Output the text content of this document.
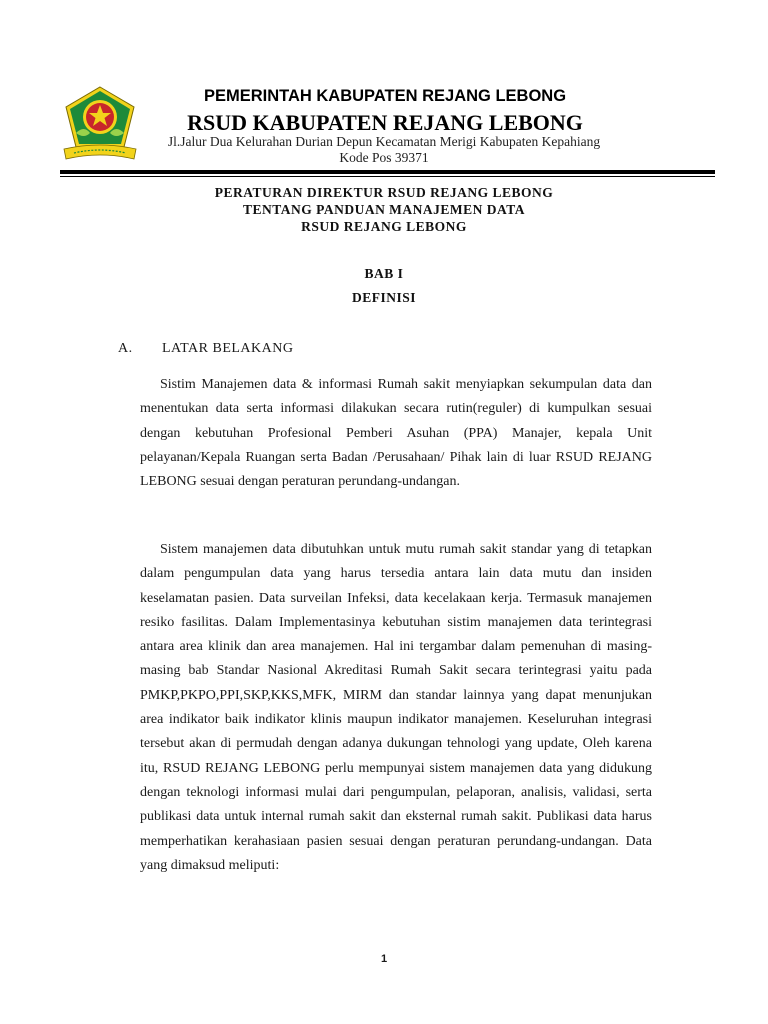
PEMERINTAH KABUPATEN REJANG LEBONG
RSUD KABUPATEN REJANG LEBONG
Jl.Jalur Dua Kelurahan Durian Depun Kecamatan Merigi Kabupaten Kepahiang
Kode Pos 39371
PERATURAN DIREKTUR RSUD REJANG LEBONG
TENTANG PANDUAN MANAJEMEN DATA
RSUD REJANG LEBONG
BAB I
DEFINISI
A. LATAR BELAKANG

Sistim Manajemen data & informasi Rumah sakit menyiapkan sekumpulan data dan menentukan data serta informasi dilakukan secara rutin(reguler) di kumpulkan sesuai dengan kebutuhan Profesional Pemberi Asuhan (PPA) Manajer, kepala Unit pelayanan/Kepala Ruangan serta Badan /Perusahaan/ Pihak lain di luar RSUD REJANG LEBONG sesuai dengan peraturan perundang-undangan.

Sistem manajemen data dibutuhkan untuk mutu rumah sakit standar yang di tetapkan dalam pengumpulan data yang harus tersedia antara lain data mutu dan insiden keselamatan pasien. Data surveilan Infeksi, data kecelakaan kerja. Termasuk manajemen resiko fasilitas. Dalam Implementasinya kebutuhan sistim manajemen data terintegrasi antara area klinik dan area manajemen. Hal ini tergambar dalam pemenuhan di masing-masing bab Standar Nasional Akreditasi Rumah Sakit secara terintegrasi yaitu pada PMKP,PKPO,PPI,SKP,KKS,MFK, MIRM dan standar lainnya yang dapat menunjukan area indikator baik indikator klinis maupun indikator manajemen. Keseluruhan integrasi tersebut akan di permudah dengan adanya dukungan tehnologi yang update, Oleh karena itu, RSUD REJANG LEBONG perlu mempunyai sistem manajemen data yang didukung dengan teknologi informasi mulai dari pengumpulan, pelaporan, analisis, validasi, serta publikasi data untuk internal rumah sakit dan eksternal rumah sakit. Publikasi data harus memperhatikan kerahasiaan pasien sesuai dengan peraturan perundang-undangan. Data yang dimaksud meliputi:

1
